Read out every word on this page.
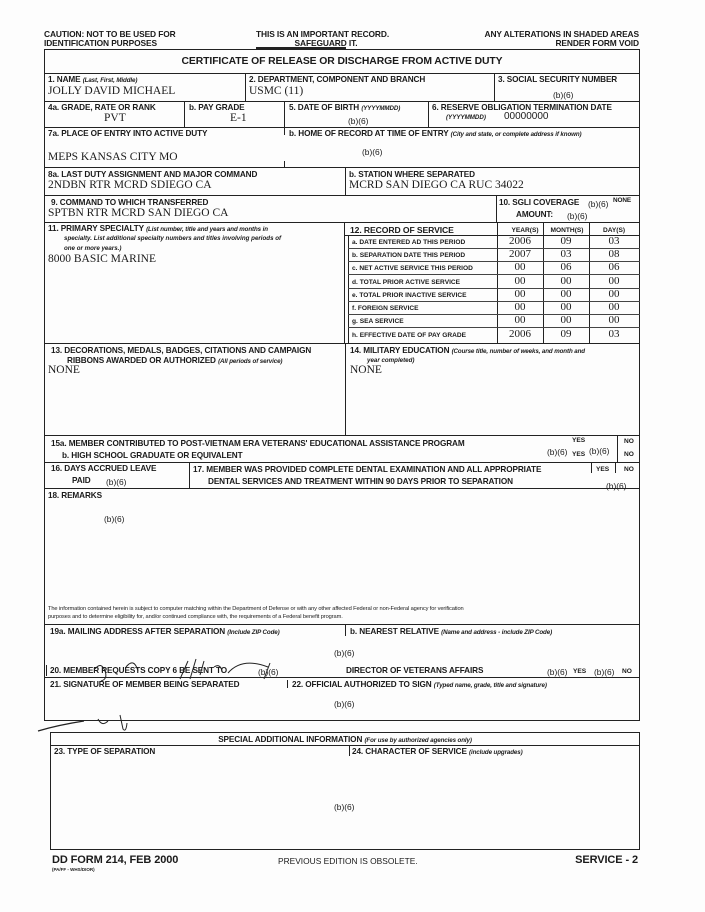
CAUTION: NOT TO BE USED FOR
IDENTIFICATION PURPOSES
THIS IS AN IMPORTANT RECORD.
SAFEGUARD IT.
ANY ALTERATIONS IN SHADED AREAS
RENDER FORM VOID
CERTIFICATE OF RELEASE OR DISCHARGE FROM ACTIVE DUTY
1. NAME (Last, First, Middle)
JOLLY DAVID MICHAEL
2. DEPARTMENT, COMPONENT AND BRANCH
USMC (11)
3. SOCIAL SECURITY NUMBER
(b)(6)
4a. GRADE, RATE OR RANK
PVT
b. PAY GRADE
E-1
5. DATE OF BIRTH (YYYYMMDD)
(b)(6)
6. RESERVE OBLIGATION TERMINATION DATE
(YYYYMMDD) 00000000
7a. PLACE OF ENTRY INTO ACTIVE DUTY
MEPS KANSAS CITY MO
b. HOME OF RECORD AT TIME OF ENTRY (City and state, or complete address if known)
(b)(6)
8a. LAST DUTY ASSIGNMENT AND MAJOR COMMAND
2NDBN RTR MCRD SDIEGO CA
b. STATION WHERE SEPARATED
MCRD SAN DIEGO CA RUC 34022
9. COMMAND TO WHICH TRANSFERRED
SPTBN RTR MCRD SAN DIEGO CA
10. SGLI COVERAGE (b)(6) NONE
AMOUNT: (b)(6)
11. PRIMARY SPECIALTY (List number, title and years and months in
specialty. List additional specialty numbers and titles involving periods of
one or more years.)
8000 BASIC MARINE
12. RECORD OF SERVICE	YEAR(S)	MONTH(S)	DAY(S)
a. DATE ENTERED AD THIS PERIOD	2006	09	03
b. SEPARATION DATE THIS PERIOD	2007	03	08
c. NET ACTIVE SERVICE THIS PERIOD	00	06	06
d. TOTAL PRIOR ACTIVE SERVICE	00	00	00
e. TOTAL PRIOR INACTIVE SERVICE	00	00	00
f. FOREIGN SERVICE	00	00	00
g. SEA SERVICE	00	00	00
h. EFFECTIVE DATE OF PAY GRADE	2006	09	03
13. DECORATIONS, MEDALS, BADGES, CITATIONS AND CAMPAIGN
RIBBONS AWARDED OR AUTHORIZED (All periods of service)
NONE
14. MILITARY EDUCATION (Course title, number of weeks, and month and
year completed)
NONE
15a. MEMBER CONTRIBUTED TO POST-VIETNAM ERA VETERANS' EDUCATIONAL ASSISTANCE PROGRAM
b. HIGH SCHOOL GRADUATE OR EQUIVALENT
YES
(b)(6) YES (b)(6)
NO
NO
16. DAYS ACCRUED LEAVE
PAID (b)(6)
17. MEMBER WAS PROVIDED COMPLETE DENTAL EXAMINATION AND ALL APPROPRIATE
DENTAL SERVICES AND TREATMENT WITHIN 90 DAYS PRIOR TO SEPARATION
YES NO
(b)(6)
18. REMARKS
(b)(6)
The information contained herein is subject to computer matching within the Department of Defense or with any other affected Federal or non-Federal agency for verification
purposes and to determine eligibility for, and/or continued compliance with, the requirements of a Federal benefit program.
19a. MAILING ADDRESS AFTER SEPARATION (Include ZIP Code)	b. NEAREST RELATIVE (Name and address - include ZIP Code)
(b)(6)
20. MEMBER REQUESTS COPY 6 BE SENT TO	(b)(6)	DIRECTOR OF VETERANS AFFAIRS	(b)(6) YES (b)(6) NO
21. SIGNATURE OF MEMBER BEING SEPARATED	22. OFFICIAL AUTHORIZED TO SIGN (Typed name, grade, title and signature)
(b)(6)
SPECIAL ADDITIONAL INFORMATION (For use by authorized agencies only)
23. TYPE OF SEPARATION	24. CHARACTER OF SERVICE (include upgrades)
(b)(6)
DD FORM 214, FEB 2000
(PA/FF - WHS/DIOR)
PREVIOUS EDITION IS OBSOLETE.	SERVICE - 2
